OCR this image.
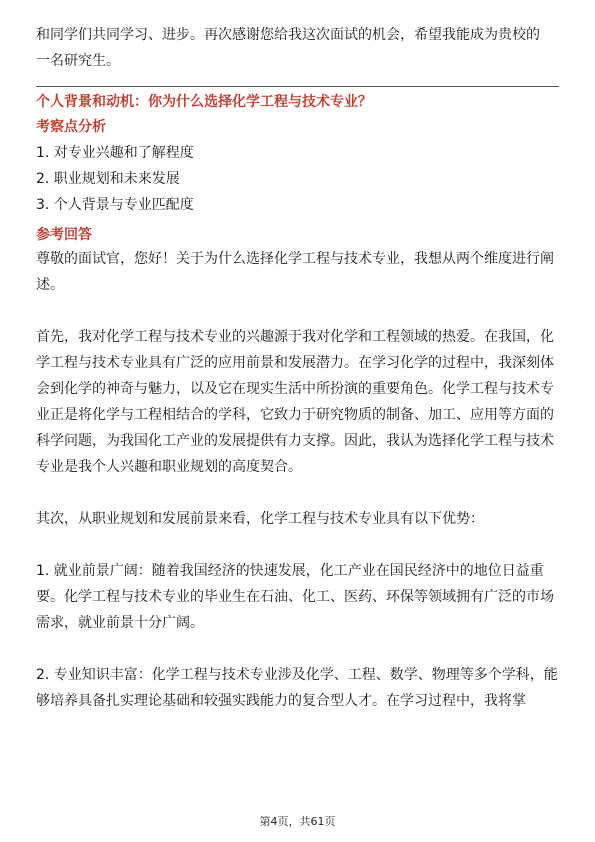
和同学们共同学习、进步。再次感谢您给我这次面试的机会，希望我能成为贵校的

一名研究生。

个人背景和动机：你为什么选择化学工程与技术专业？
考察点分析
1. 对专业兴趣和了解程度
2. 职业规划和未来发展
3. 个人背景与专业匹配度
参考回答

尊敬的面试官，您好！关于为什么选择化学工程与技术专业，我想从两个维度进行阐述。

首先，我对化学工程与技术专业的兴趣源于我对化学和工程领域的热爱。在我国，化学工程与技术专业具有广泛的应用前景和发展潜力。在学习化学的过程中，我深刻体会到化学的神奇与魅力，以及它在现实生活中所扮演的重要角色。化学工程与技术专业正是将化学与工程相结合的学科，它致力于研究物质的制备、加工、应用等方面的科学问题，为我国化工产业的发展提供有力支撑。因此，我认为选择化学工程与技术专业是我个人兴趣和职业规划的高度契合。

其次，从职业规划和发展前景来看，化学工程与技术专业具有以下优势：

1. 就业前景广阔：随着我国经济的快速发展，化工产业在国民经济中的地位日益重要。化学工程与技术专业的毕业生在石油、化工、医药、环保等领域拥有广泛的市场需求，就业前景十分广阔。

2. 专业知识丰富：化学工程与技术专业涉及化学、工程、数学、物理等多个学科，能够培养具备扎实理论基础和较强实践能力的复合型人才。在学习过程中，我将掌

第4页，共61页
